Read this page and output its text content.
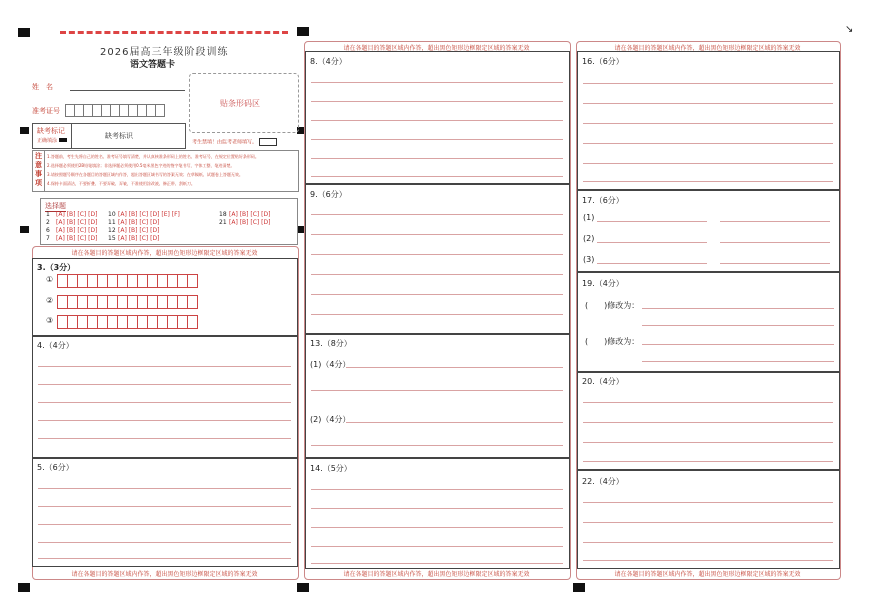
↘
2026届高三年级阶段训练
语文答题卡
姓　名
准考证号
贴条形码区
缺考标记
正确填涂
缺考标识
考生禁填！由监考老师填写。
注意事项
1.答题前，考生先将自己的姓名、准考证号填写清楚，并认真核准条形码上的姓名、准考证号，在规定位置贴好条形码。
2.选择题必须使用2B铅笔填涂；非选择题必须使用0.5毫米黑色字迹的签字笔书写，字体工整、笔迹清楚。
3.请按照题号顺序在各题目的答题区域内作答，超出答题区域书写的答案无效；在草稿纸、试题卷上答题无效。
4.保持卡面清洁，不要折叠、不要弄破、弄皱，不准使用涂改液、修正带、刮纸刀。
选择题
1 [A] [B] [C] [D]
2 [A] [B] [C] [D]
6 [A] [B] [C] [D]
7 [A] [B] [C] [D]
10 [A] [B] [C] [D] [E] [F]
11 [A] [B] [C] [D]
12 [A] [B] [C] [D]
15 [A] [B] [C] [D]
18 [A] [B] [C] [D]
21 [A] [B] [C] [D]
请在各题目的答题区域内作答，超出黑色矩形边框限定区域的答案无效
请在各题目的答题区域内作答，超出黑色矩形边框限定区域的答案无效
3.（3分）
①
②
③
4.（4分）
5.（6分）
请在各题目的答题区域内作答，超出黑色矩形边框限定区域的答案无效
请在各题目的答题区域内作答，超出黑色矩形边框限定区域的答案无效
8.（4分）
9.（6分）
13.（8分）
(1)（4分）
(2)（4分）
14.（5分）
请在各题目的答题区域内作答，超出黑色矩形边框限定区域的答案无效
请在各题目的答题区域内作答，超出黑色矩形边框限定区域的答案无效
16.（6分）
17.（6分）
(1)
(2)
(3)
19.（4分）
(　　)修改为：
(　　)修改为：
20.（4分）
22.（4分）
